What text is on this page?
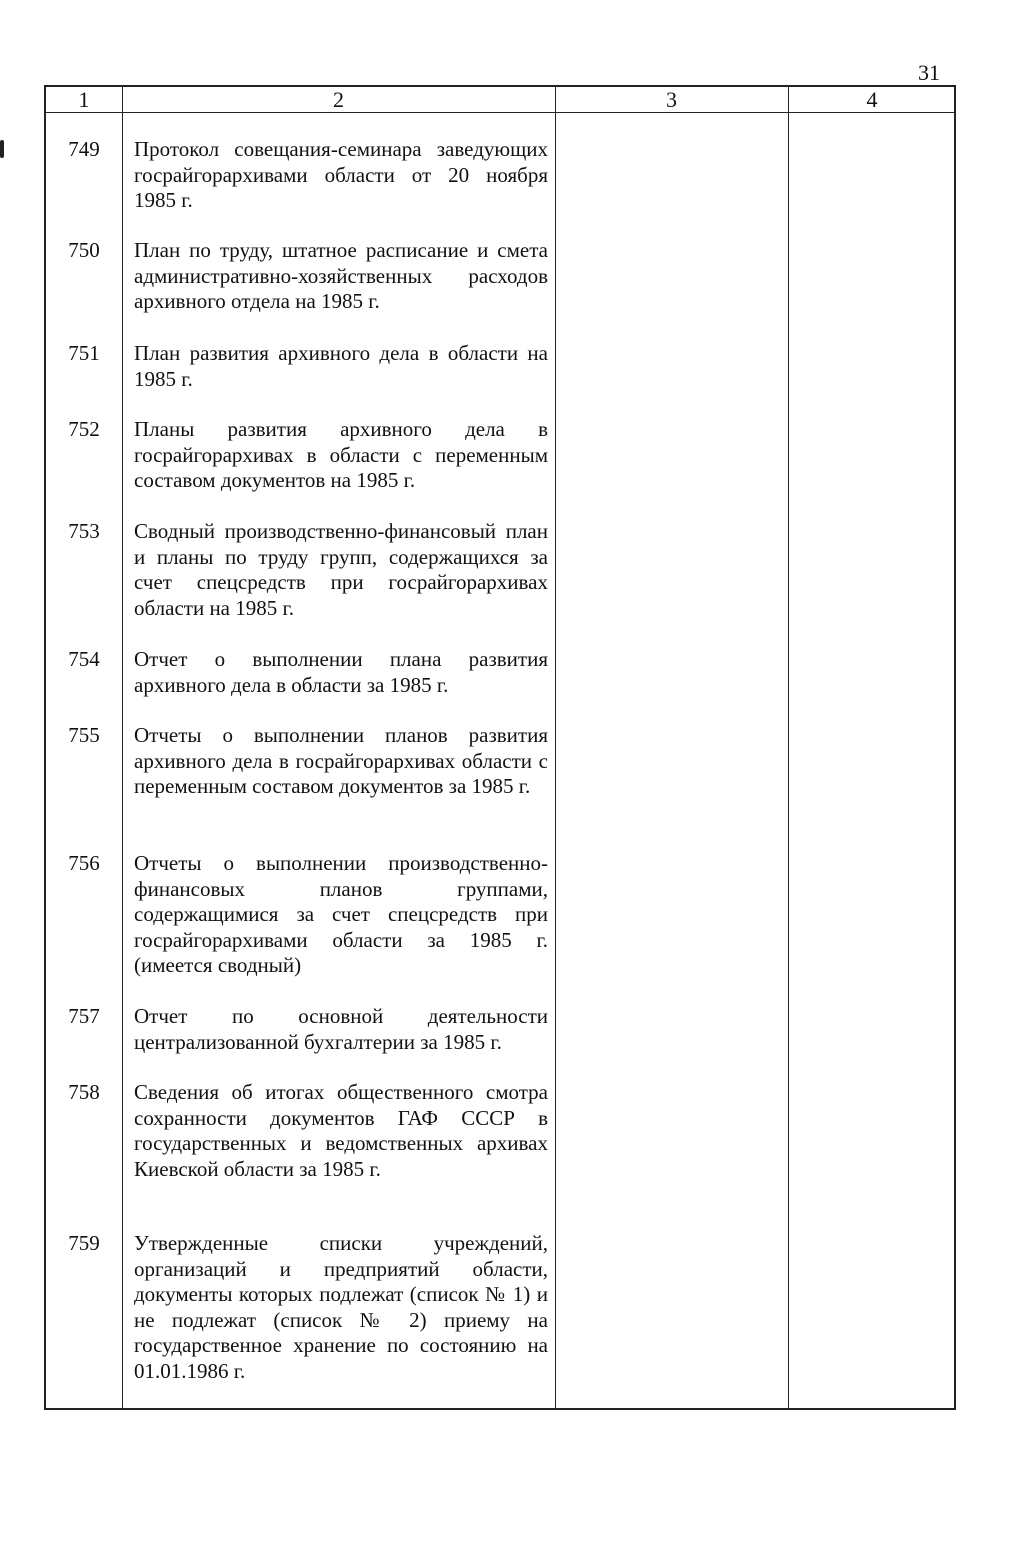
31
1	2	3	4
749	Протокол совещания-семинара заведующих госрайгорархивами области от 20 ноября 1985 г.
750	План по труду, штатное расписание и смета административно-хозяйственных расходов архивного отдела на 1985 г.
751	План развития архивного дела в области на 1985 г.
752	Планы развития архивного дела в госрайгорархивах в области с переменным составом документов на 1985 г.
753	Сводный производственно-финансовый план и планы по труду групп, содержащихся за счет спецсредств при госрайгорархивах области на 1985 г.
754	Отчет о выполнении плана развития архивного дела в области за 1985 г.
755	Отчеты о выполнении планов развития архивного дела в госрайгорархивах области с переменным составом документов за 1985 г.
756	Отчеты о выполнении производственно-финансовых планов группами, содержащимися за счет спецсредств при госрайгорархивами области за 1985 г. (имеется сводный)
757	Отчет по основной деятельности централизованной бухгалтерии за 1985 г.
758	Сведения об итогах общественного смотра сохранности документов ГАФ СССР в государственных и ведомственных архивах Киевской области за 1985 г.
759	Утвержденные списки учреждений, организаций и предприятий области, документы которых подлежат (список № 1) и не подлежат (список № 2) приему на государственное хранение по состоянию на 01.01.1986 г.
